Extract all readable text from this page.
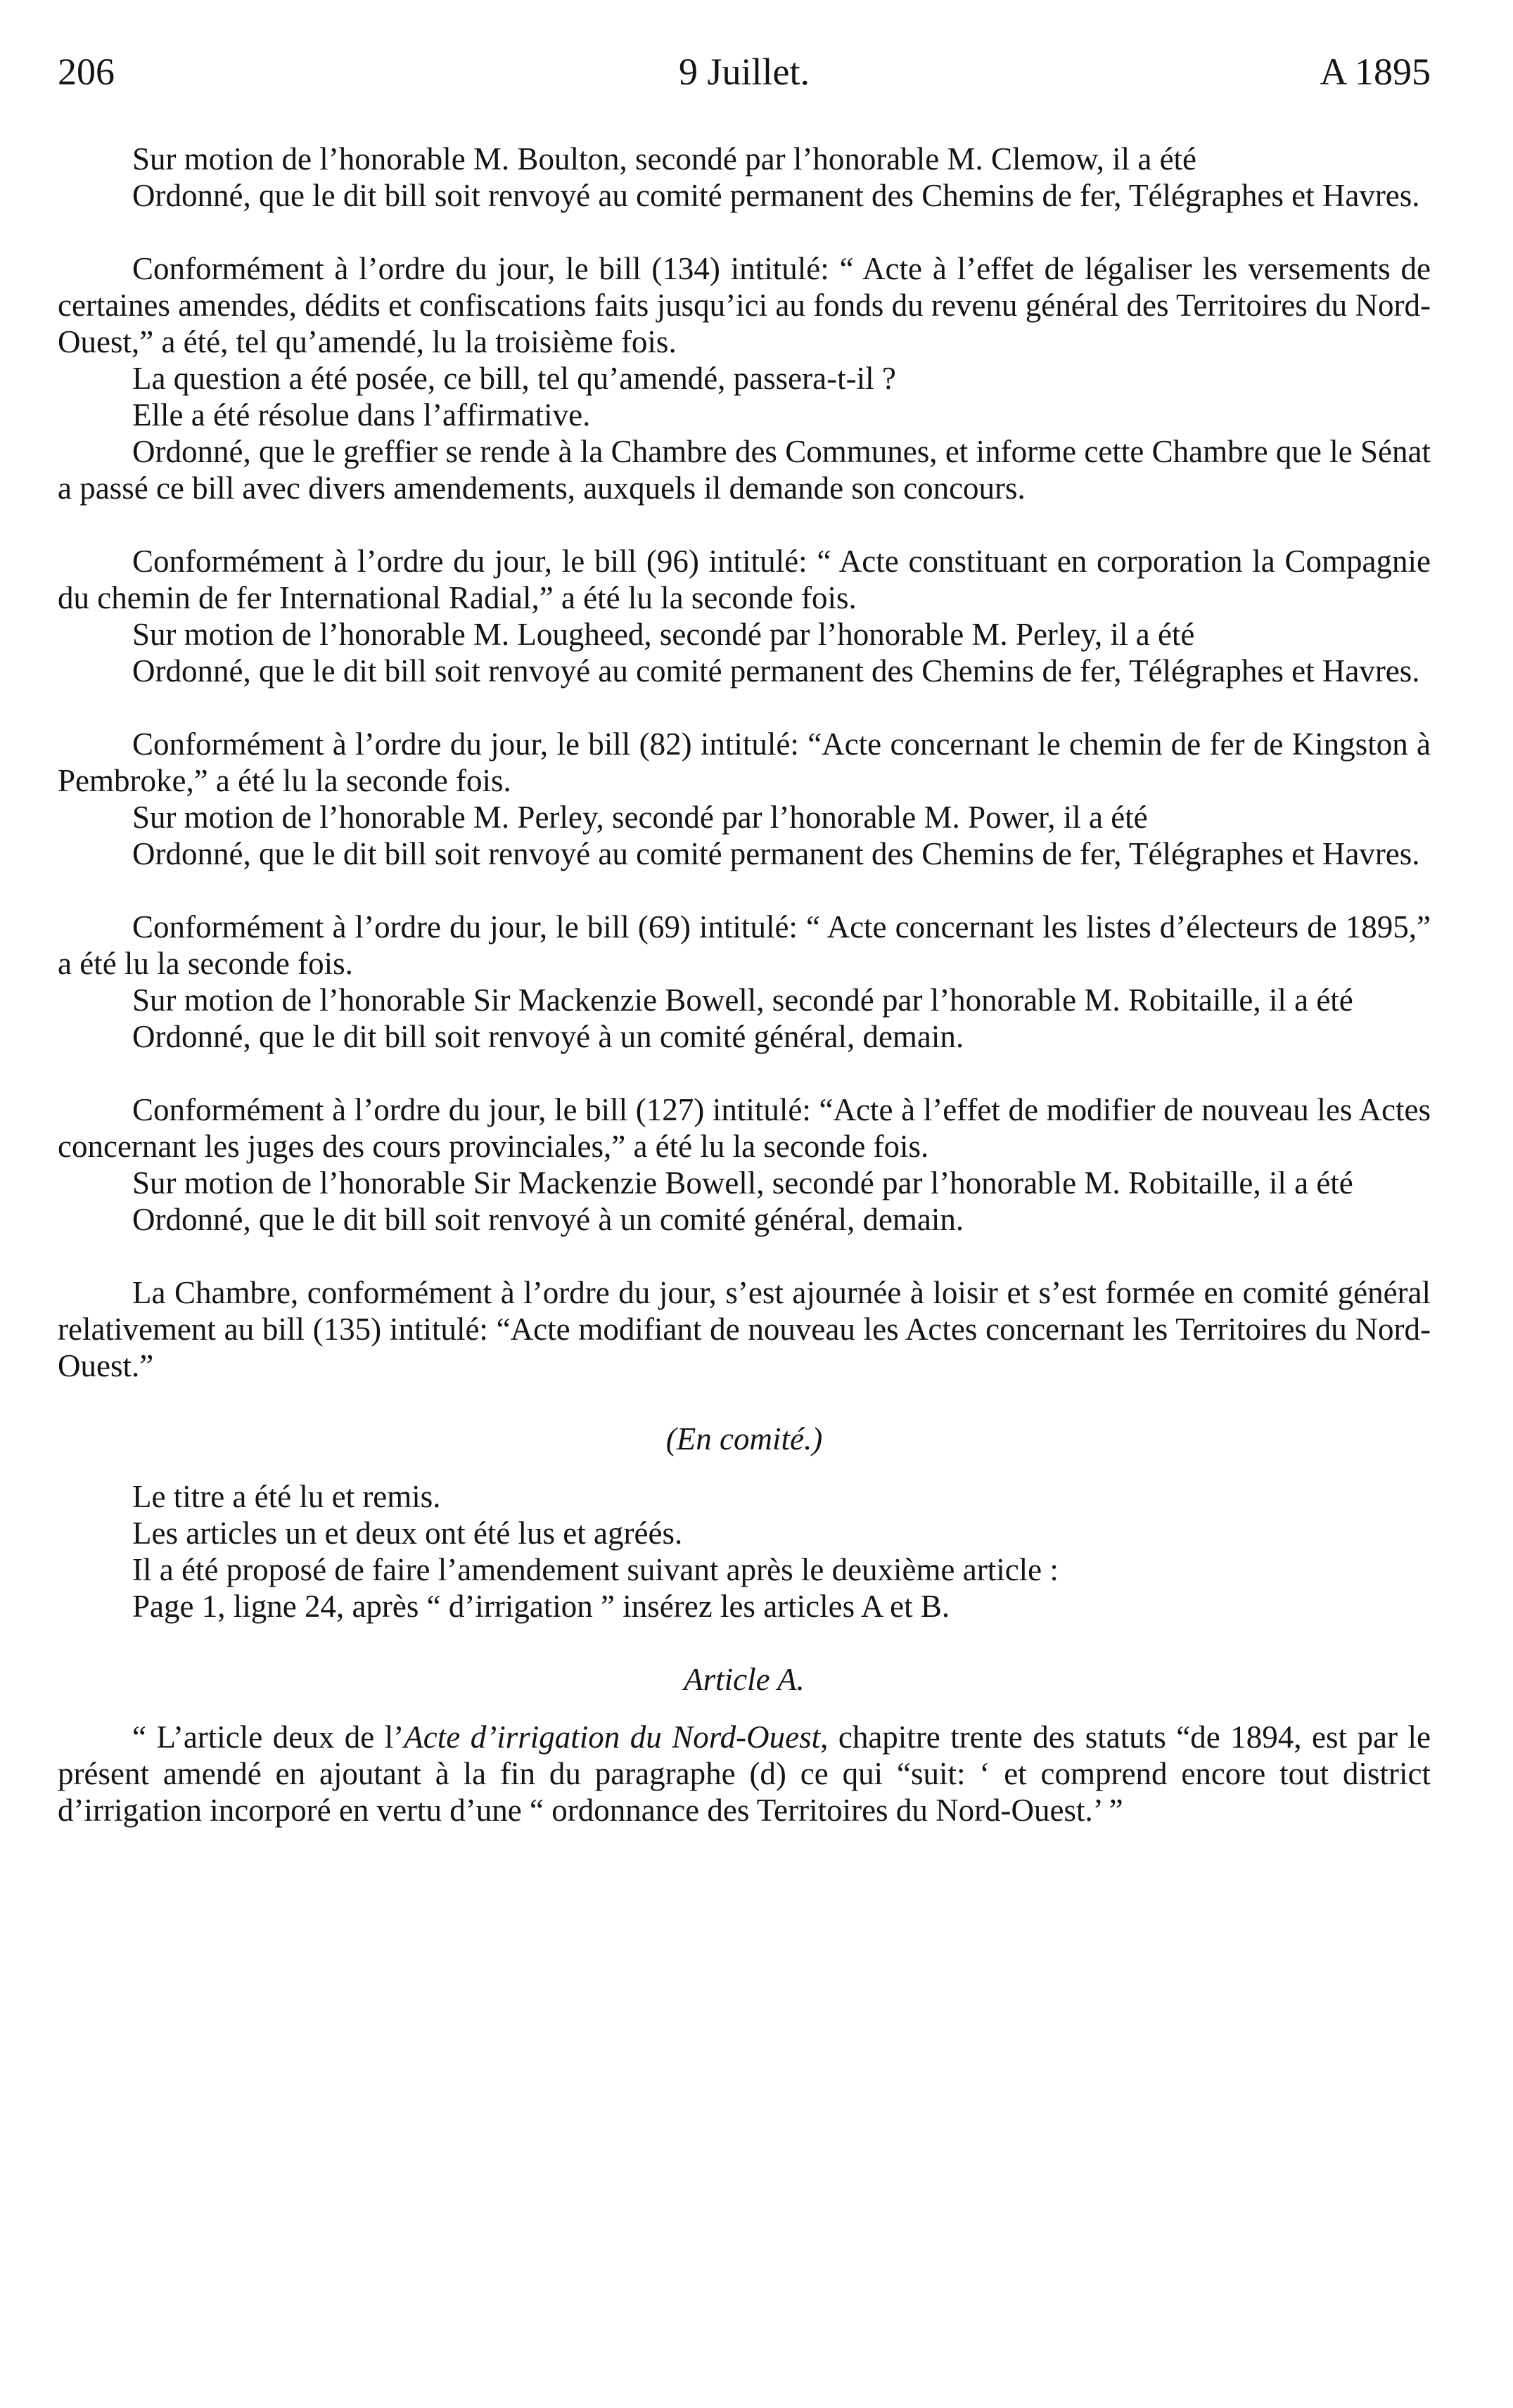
206	9 Juillet.	A 1895

Sur motion de l’honorable M. Boulton, secondé par l’honorable M. Clemow, il a été

Ordonné, que le dit bill soit renvoyé au comité permanent des Chemins de fer, Télégraphes et Havres.

Conformément à l’ordre du jour, le bill (134) intitulé: “ Acte à l’effet de légaliser les versements de certaines amendes, dédits et confiscations faits jusqu’ici au fonds du revenu général des Territoires du Nord-Ouest,” a été, tel qu’amendé, lu la troisième fois.

La question a été posée, ce bill, tel qu’amendé, passera-t-il ?

Elle a été résolue dans l’affirmative.

Ordonné, que le greffier se rende à la Chambre des Communes, et informe cette Chambre que le Sénat a passé ce bill avec divers amendements, auxquels il demande son concours.

Conformément à l’ordre du jour, le bill (96) intitulé: “ Acte constituant en corporation la Compagnie du chemin de fer International Radial,” a été lu la seconde fois.

Sur motion de l’honorable M. Lougheed, secondé par l’honorable M. Perley, il a été

Ordonné, que le dit bill soit renvoyé au comité permanent des Chemins de fer, Télégraphes et Havres.

Conformément à l’ordre du jour, le bill (82) intitulé: “Acte concernant le chemin de fer de Kingston à Pembroke,” a été lu la seconde fois.

Sur motion de l’honorable M. Perley, secondé par l’honorable M. Power, il a été

Ordonné, que le dit bill soit renvoyé au comité permanent des Chemins de fer, Télégraphes et Havres.

Conformément à l’ordre du jour, le bill (69) intitulé: “ Acte concernant les listes d’électeurs de 1895,” a été lu la seconde fois.

Sur motion de l’honorable Sir Mackenzie Bowell, secondé par l’honorable M. Robitaille, il a été

Ordonné, que le dit bill soit renvoyé à un comité général, demain.

Conformément à l’ordre du jour, le bill (127) intitulé: “Acte à l’effet de modifier de nouveau les Actes concernant les juges des cours provinciales,” a été lu la seconde fois.

Sur motion de l’honorable Sir Mackenzie Bowell, secondé par l’honorable M. Robitaille, il a été

Ordonné, que le dit bill soit renvoyé à un comité général, demain.

La Chambre, conformément à l’ordre du jour, s’est ajournée à loisir et s’est formée en comité général relativement au bill (135) intitulé: “Acte modifiant de nouveau les Actes concernant les Territoires du Nord-Ouest.”

(En comité.)

Le titre a été lu et remis.

Les articles un et deux ont été lus et agréés.

Il a été proposé de faire l’amendement suivant après le deuxième article :

Page 1, ligne 24, après “ d’irrigation ” insérez les articles A et B.

Article A.

“ L’article deux de l’Acte d’irrigation du Nord-Ouest, chapitre trente des statuts “de 1894, est par le présent amendé en ajoutant à la fin du paragraphe (d) ce qui “suit: ‘ et comprend encore tout district d’irrigation incorporé en vertu d’une “ ordonnance des Territoires du Nord-Ouest.’ ”
